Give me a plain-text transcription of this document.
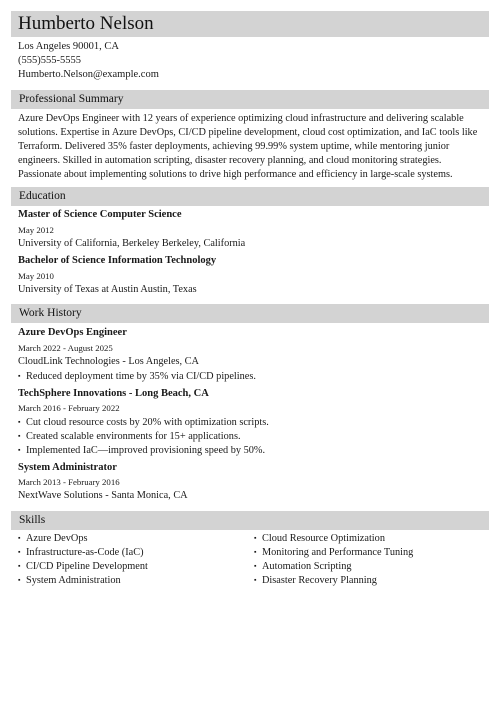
Humberto Nelson
Los Angeles 90001, CA
(555)555-5555
Humberto.Nelson@example.com
Professional Summary
Azure DevOps Engineer with 12 years of experience optimizing cloud infrastructure and delivering scalable solutions. Expertise in Azure DevOps, CI/CD pipeline development, cloud cost optimization, and IaC tools like Terraform. Delivered 35% faster deployments, achieving 99.99% system uptime, while mentoring junior engineers. Skilled in automation scripting, disaster recovery planning, and cloud monitoring strategies. Passionate about implementing solutions to drive high performance and efficiency in large-scale systems.
Education
Master of Science Computer Science
May 2012
University of California, Berkeley Berkeley, California
Bachelor of Science Information Technology
May 2010
University of Texas at Austin Austin, Texas
Work History
Azure DevOps Engineer
March 2022 - August 2025
CloudLink Technologies - Los Angeles, CA
▪ Reduced deployment time by 35% via CI/CD pipelines.
TechSphere Innovations - Long Beach, CA
March 2016 - February 2022
▪ Cut cloud resource costs by 20% with optimization scripts.
▪ Created scalable environments for 15+ applications.
▪ Implemented IaC—improved provisioning speed by 50%.
System Administrator
March 2013 - February 2016
NextWave Solutions - Santa Monica, CA
Skills
▪ Azure DevOps
▪ Infrastructure-as-Code (IaC)
▪ CI/CD Pipeline Development
▪ System Administration
▪ Cloud Resource Optimization
▪ Monitoring and Performance Tuning
▪ Automation Scripting
▪ Disaster Recovery Planning
